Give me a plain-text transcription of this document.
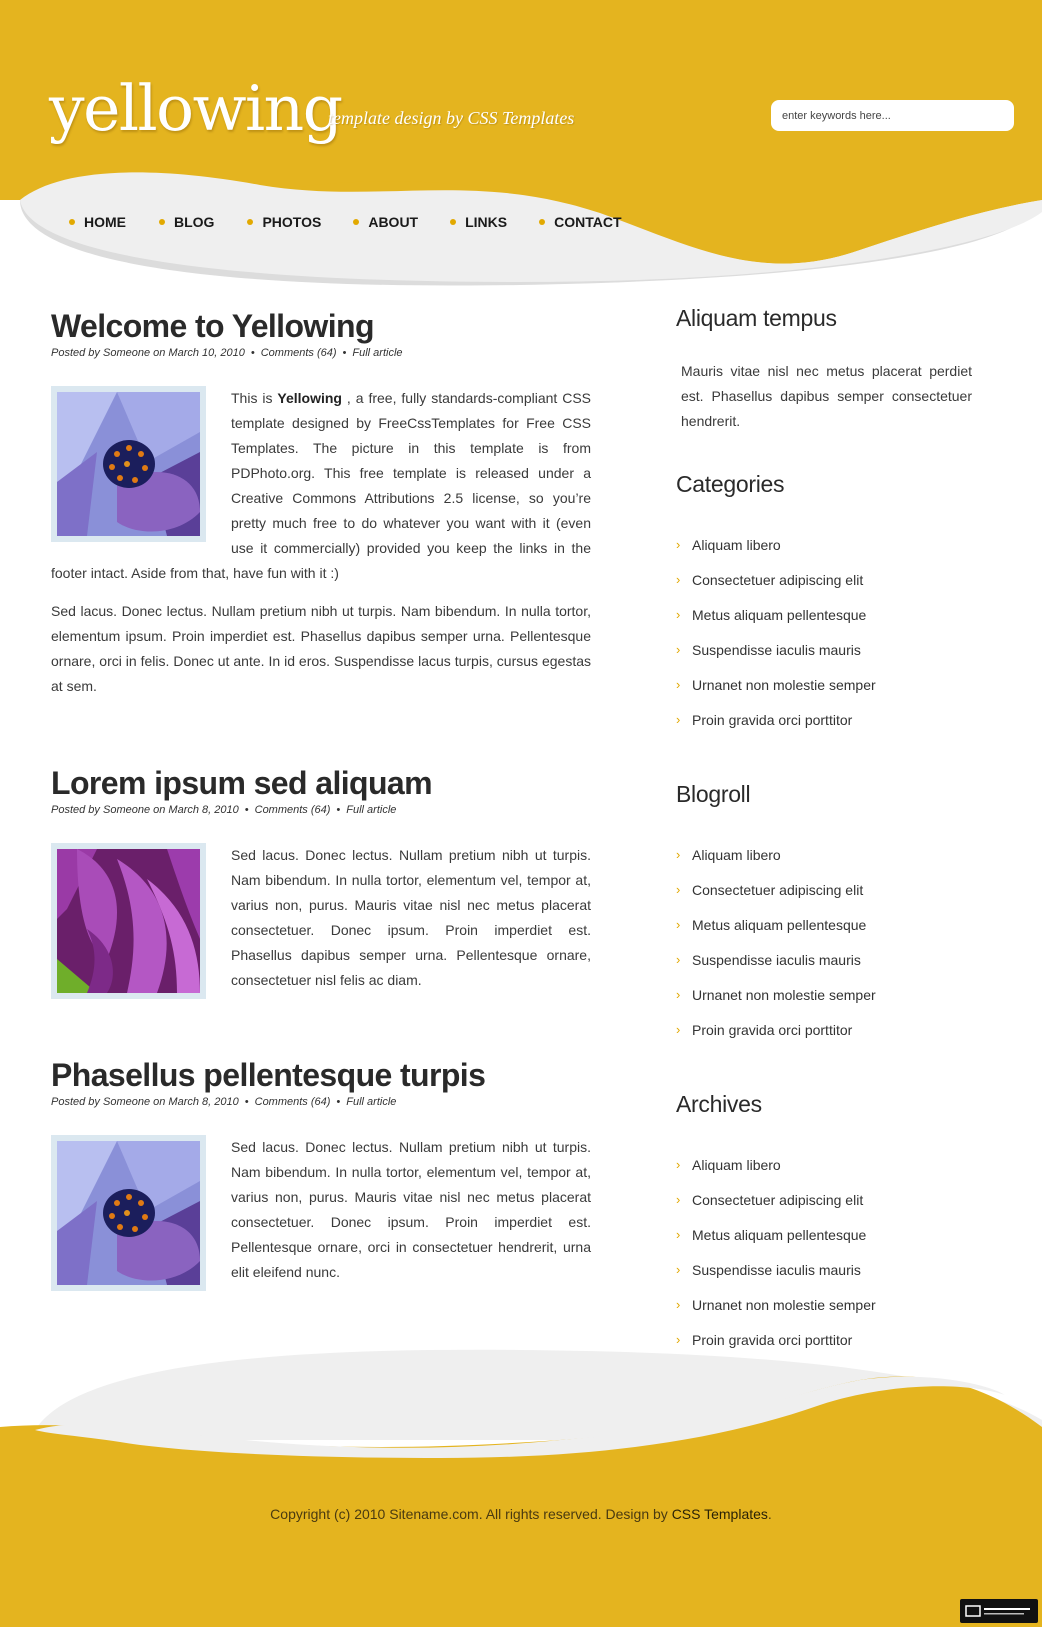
yellowing
template design by CSS Templates
enter keywords here...
HOME	BLOG	PHOTOS	ABOUT	LINKS	CONTACT
Welcome to Yellowing
Posted by Someone on March 10, 2010 • Comments (64) • Full article

This is Yellowing , a free, fully standards-compliant CSS template designed by FreeCssTemplates for Free CSS Templates. The picture in this template is from PDPhoto.org. This free template is released under a Creative Commons Attributions 2.5 license, so you’re pretty much free to do whatever you want with it (even use it commercially) provided you keep the links in the footer intact. Aside from that, have fun with it :)

Sed lacus. Donec lectus. Nullam pretium nibh ut turpis. Nam bibendum. In nulla tortor, elementum ipsum. Proin imperdiet est. Phasellus dapibus semper urna. Pellentesque ornare, orci in felis. Donec ut ante. In id eros. Suspendisse lacus turpis, cursus egestas at sem.

Lorem ipsum sed aliquam
Posted by Someone on March 8, 2010 • Comments (64) • Full article

Sed lacus. Donec lectus. Nullam pretium nibh ut turpis. Nam bibendum. In nulla tortor, elementum vel, tempor at, varius non, purus. Mauris vitae nisl nec metus placerat consectetuer. Donec ipsum. Proin imperdiet est. Phasellus dapibus semper urna. Pellentesque ornare, consectetuer nisl felis ac diam.

Phasellus pellentesque turpis
Posted by Someone on March 8, 2010 • Comments (64) • Full article

Sed lacus. Donec lectus. Nullam pretium nibh ut turpis. Nam bibendum. In nulla tortor, elementum vel, tempor at, varius non, purus. Mauris vitae nisl nec metus placerat consectetuer. Donec ipsum. Proin imperdiet est. Pellentesque ornare, orci in consectetuer hendrerit, urna elit eleifend nunc.

Aliquam tempus

Mauris vitae nisl nec metus placerat perdiet est. Phasellus dapibus semper consectetuer hendrerit.

Categories
› Aliquam libero
› Consectetuer adipiscing elit
› Metus aliquam pellentesque
› Suspendisse iaculis mauris
› Urnanet non molestie semper
› Proin gravida orci porttitor
Blogroll
› Aliquam libero
› Consectetuer adipiscing elit
› Metus aliquam pellentesque
› Suspendisse iaculis mauris
› Urnanet non molestie semper
› Proin gravida orci porttitor
Archives
› Aliquam libero
› Consectetuer adipiscing elit
› Metus aliquam pellentesque
› Suspendisse iaculis mauris
› Urnanet non molestie semper
› Proin gravida orci porttitor
Copyright (c) 2010 Sitename.com. All rights reserved. Design by CSS Templates.
